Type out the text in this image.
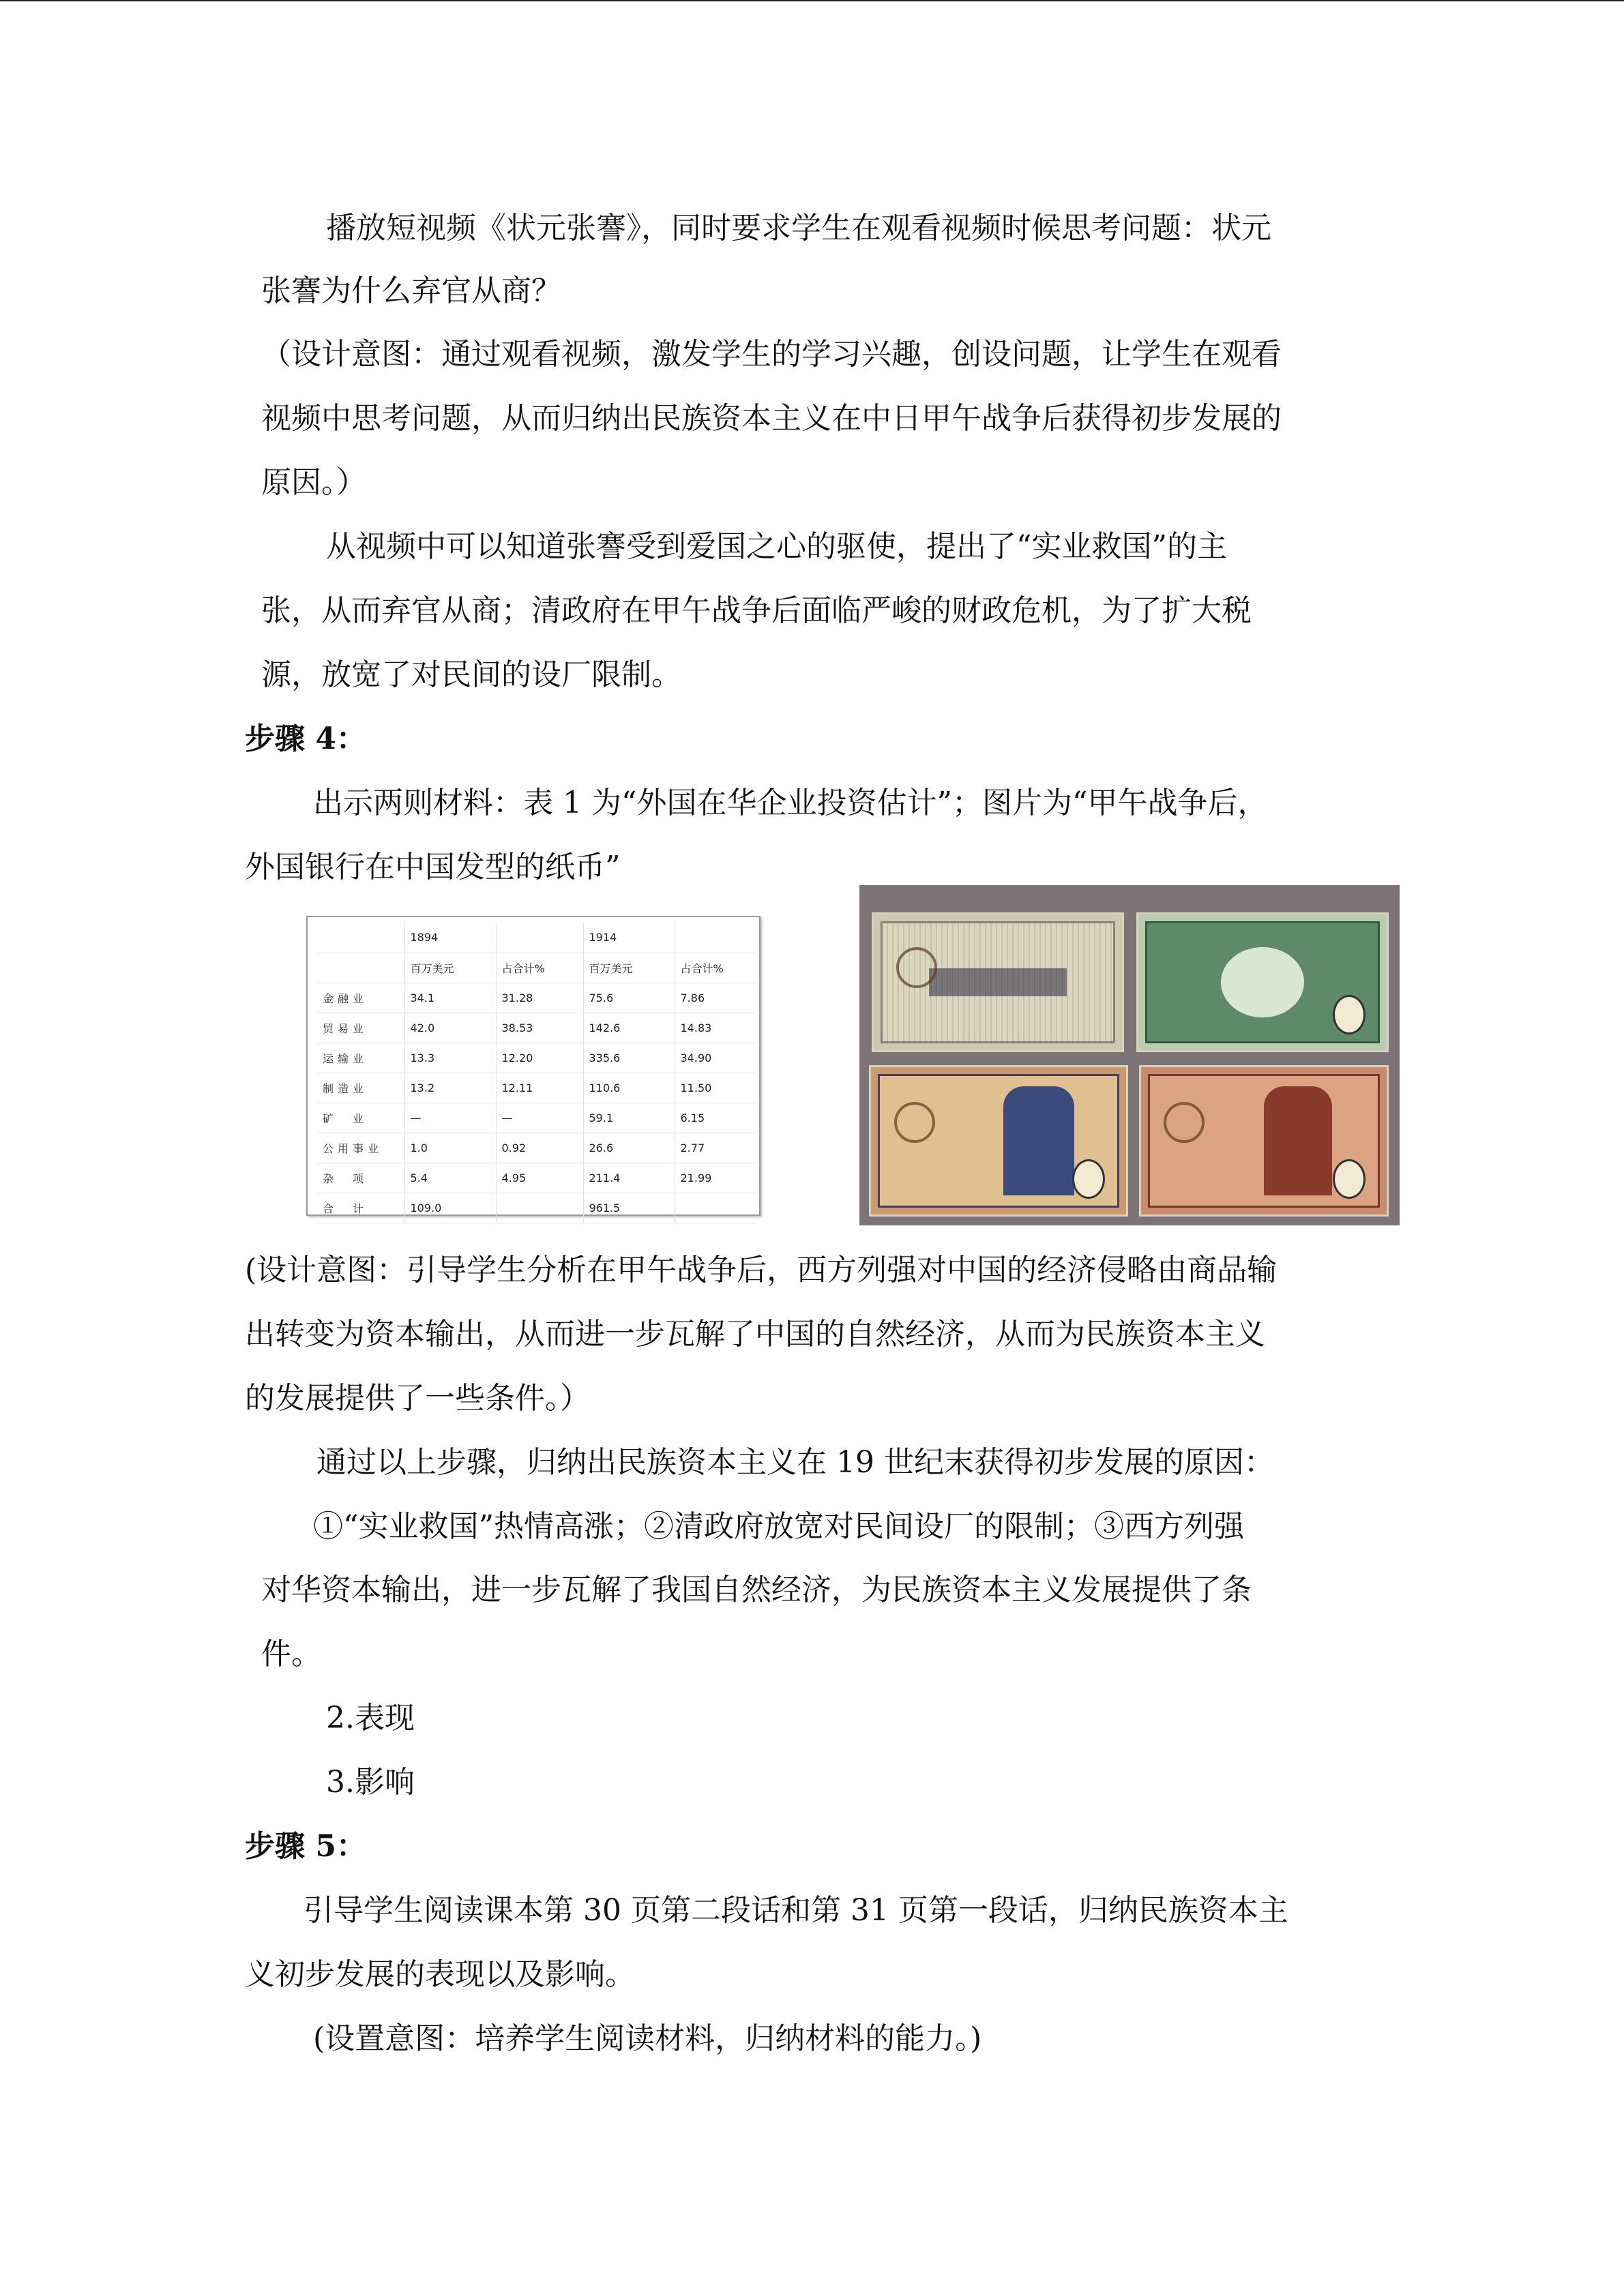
播放短视频《状元张謇》，同时要求学生在观看视频时候思考问题：状元
张謇为什么弃官从商？
（设计意图：通过观看视频，激发学生的学习兴趣，创设问题，让学生在观看
视频中思考问题，从而归纳出民族资本主义在中日甲午战争后获得初步发展的
原因。）
从视频中可以知道张謇受到爱国之心的驱使，提出了“实业救国”的主
张，从而弃官从商；清政府在甲午战争后面临严峻的财政危机，为了扩大税
源，放宽了对民间的设厂限制。
步骤 4：
出示两则材料：表 1 为“外国在华企业投资估计”；图片为“甲午战争后，
外国银行在中国发型的纸币”
	1894		1914	
	百万美元	占合计%	百万美元	占合计%
金融业	34.1	31.28	75.6	7.86
贸易业	42.0	38.53	142.6	14.83
运输业	13.3	12.20	335.6	34.90
制造业	13.2	12.11	110.6	11.50
矿　业	—	—	59.1	6.15
公用事业	1.0	0.92	26.6	2.77
杂　项	5.4	4.95	211.4	21.99
合　计	109.0		961.5	
(设计意图：引导学生分析在甲午战争后，西方列强对中国的经济侵略由商品输
出转变为资本输出，从而进一步瓦解了中国的自然经济，从而为民族资本主义
的发展提供了一些条件。）
通过以上步骤，归纳出民族资本主义在 19 世纪末获得初步发展的原因：
①“实业救国”热情高涨；②清政府放宽对民间设厂的限制；③西方列强
对华资本输出，进一步瓦解了我国自然经济，为民族资本主义发展提供了条
件。
2.表现
3.影响
步骤 5：
引导学生阅读课本第 30 页第二段话和第 31 页第一段话，归纳民族资本主
义初步发展的表现以及影响。
(设置意图：培养学生阅读材料，归纳材料的能力。)
